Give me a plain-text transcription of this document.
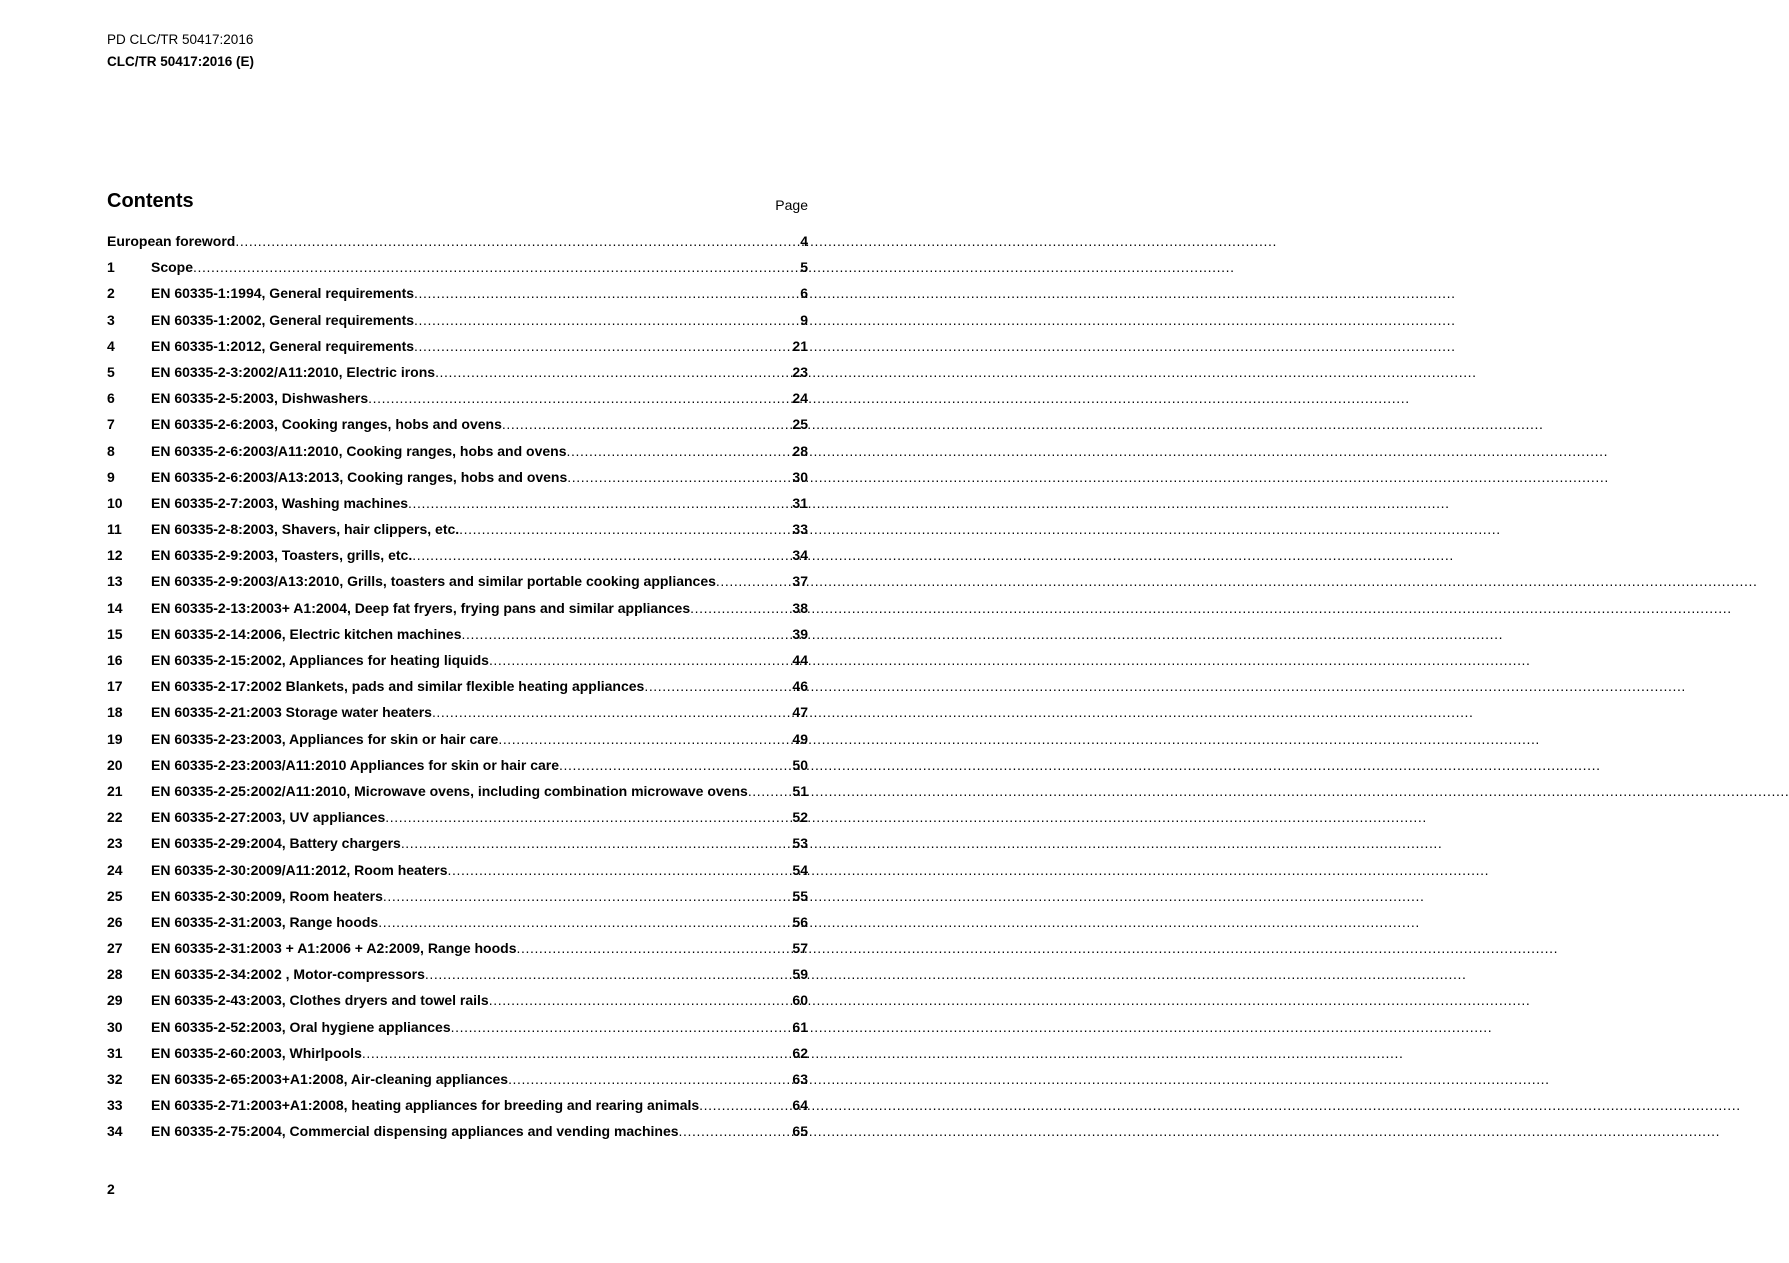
PD CLC/TR 50417:2016
CLC/TR 50417:2016 (E)
Contents	Page
European foreword .....	4
1	Scope .....	5
2	EN 60335-1:1994, General requirements .....	6
3	EN 60335-1:2002, General requirements .....	9
4	EN 60335-1:2012, General requirements .....	21
5	EN 60335-2-3:2002/A11:2010, Electric irons .....	23
6	EN 60335-2-5:2003, Dishwashers .....	24
7	EN 60335-2-6:2003, Cooking ranges, hobs and ovens .....	25
8	EN 60335-2-6:2003/A11:2010, Cooking ranges, hobs and ovens .....	28
9	EN 60335-2-6:2003/A13:2013, Cooking ranges, hobs and ovens .....	30
10	EN 60335-2-7:2003, Washing machines .....	31
11	EN 60335-2-8:2003, Shavers, hair clippers, etc. .....	33
12	EN 60335-2-9:2003, Toasters, grills, etc. .....	34
13	EN 60335-2-9:2003/A13:2010, Grills, toasters and similar portable cooking appliances .....	37
14	EN 60335-2-13:2003+ A1:2004, Deep fat fryers, frying pans and similar appliances .....	38
15	EN 60335-2-14:2006, Electric kitchen machines .....	39
16	EN 60335-2-15:2002, Appliances for heating liquids .....	44
17	EN 60335-2-17:2002 Blankets, pads and similar flexible heating appliances .....	46
18	EN 60335-2-21:2003 Storage water heaters .....	47
19	EN 60335-2-23:2003, Appliances for skin or hair care .....	49
20	EN 60335-2-23:2003/A11:2010 Appliances for skin or hair care .....	50
21	EN 60335-2-25:2002/A11:2010, Microwave ovens, including combination microwave ovens .....	51
22	EN 60335-2-27:2003, UV appliances .....	52
23	EN 60335-2-29:2004, Battery chargers .....	53
24	EN 60335-2-30:2009/A11:2012, Room heaters .....	54
25	EN 60335-2-30:2009, Room heaters .....	55
26	EN 60335-2-31:2003, Range hoods .....	56
27	EN 60335-2-31:2003 + A1:2006 + A2:2009, Range hoods .....	57
28	EN 60335-2-34:2002 , Motor-compressors .....	59
29	EN 60335-2-43:2003, Clothes dryers and towel rails .....	60
30	EN 60335-2-52:2003, Oral hygiene appliances .....	61
31	EN 60335-2-60:2003, Whirlpools .....	62
32	EN 60335-2-65:2003+A1:2008, Air-cleaning appliances .....	63
33	EN 60335-2-71:2003+A1:2008, heating appliances for breeding and rearing animals .....	64
34	EN 60335-2-75:2004, Commercial dispensing appliances and vending machines .....	65
2
